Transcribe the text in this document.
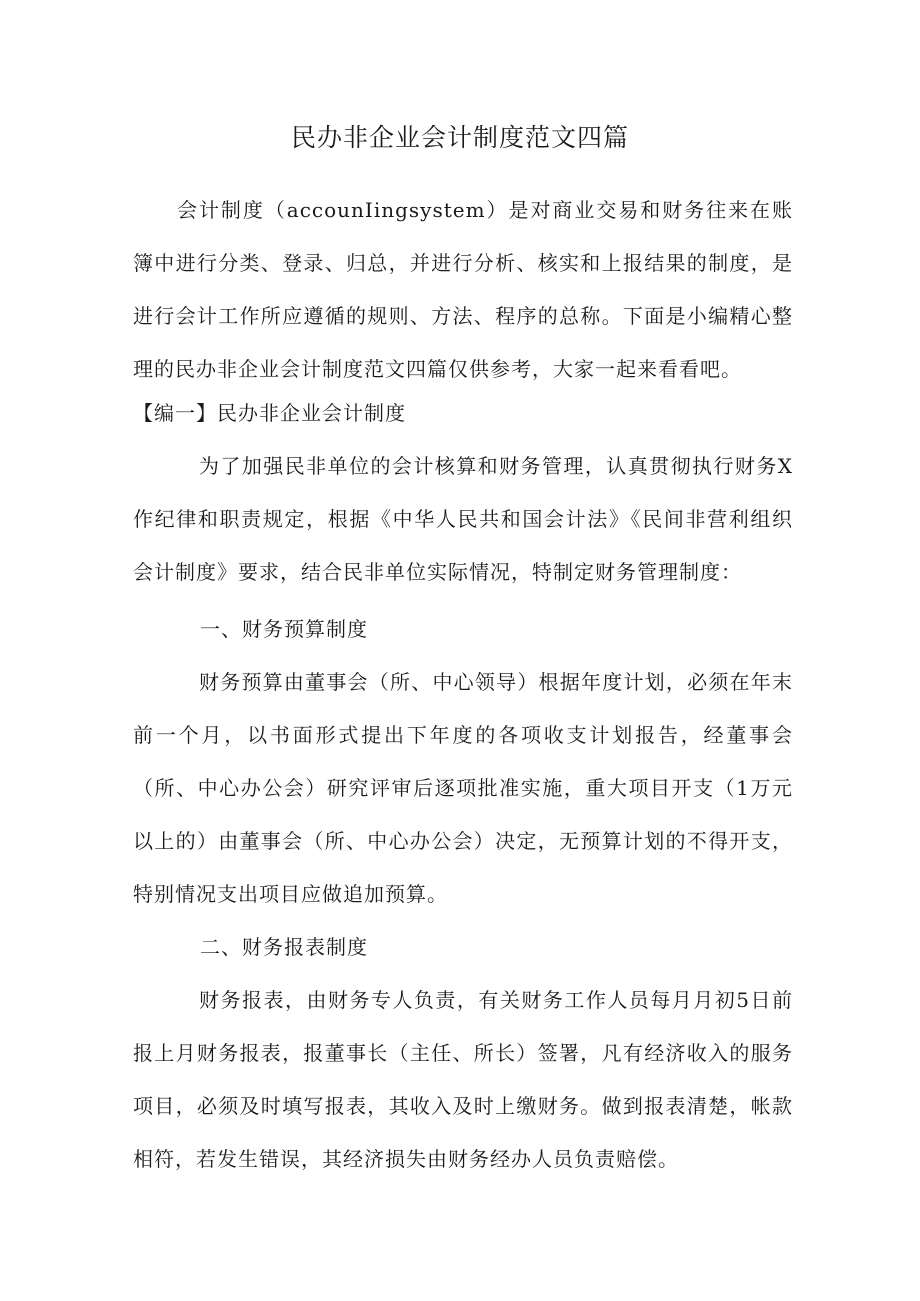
民办非企业会计制度范文四篇

会计制度（accounIingsystem）是对商业交易和财务往来在账簿中进行分类、登录、归总，并进行分析、核实和上报结果的制度，是进行会计工作所应遵循的规则、方法、程序的总称。下面是小编精心整理的民办非企业会计制度范文四篇仅供参考，大家一起来看看吧。

【编一】民办非企业会计制度

为了加强民非单位的会计核算和财务管理，认真贯彻执行财务X作纪律和职责规定，根据《中华人民共和国会计法》《民间非营利组织会计制度》要求，结合民非单位实际情况，特制定财务管理制度：

一、财务预算制度

财务预算由董事会（所、中心领导）根据年度计划，必须在年末前一个月，以书面形式提出下年度的各项收支计划报告，经董事会（所、中心办公会）研究评审后逐项批准实施，重大项目开支（1万元以上的）由董事会（所、中心办公会）决定，无预算计划的不得开支，特别情况支出项目应做追加预算。

二、财务报表制度

财务报表，由财务专人负责，有关财务工作人员每月月初5日前报上月财务报表，报董事长（主任、所长）签署，凡有经济收入的服务项目，必须及时填写报表，其收入及时上缴财务。做到报表清楚，帐款相符，若发生错误，其经济损失由财务经办人员负责赔偿。
